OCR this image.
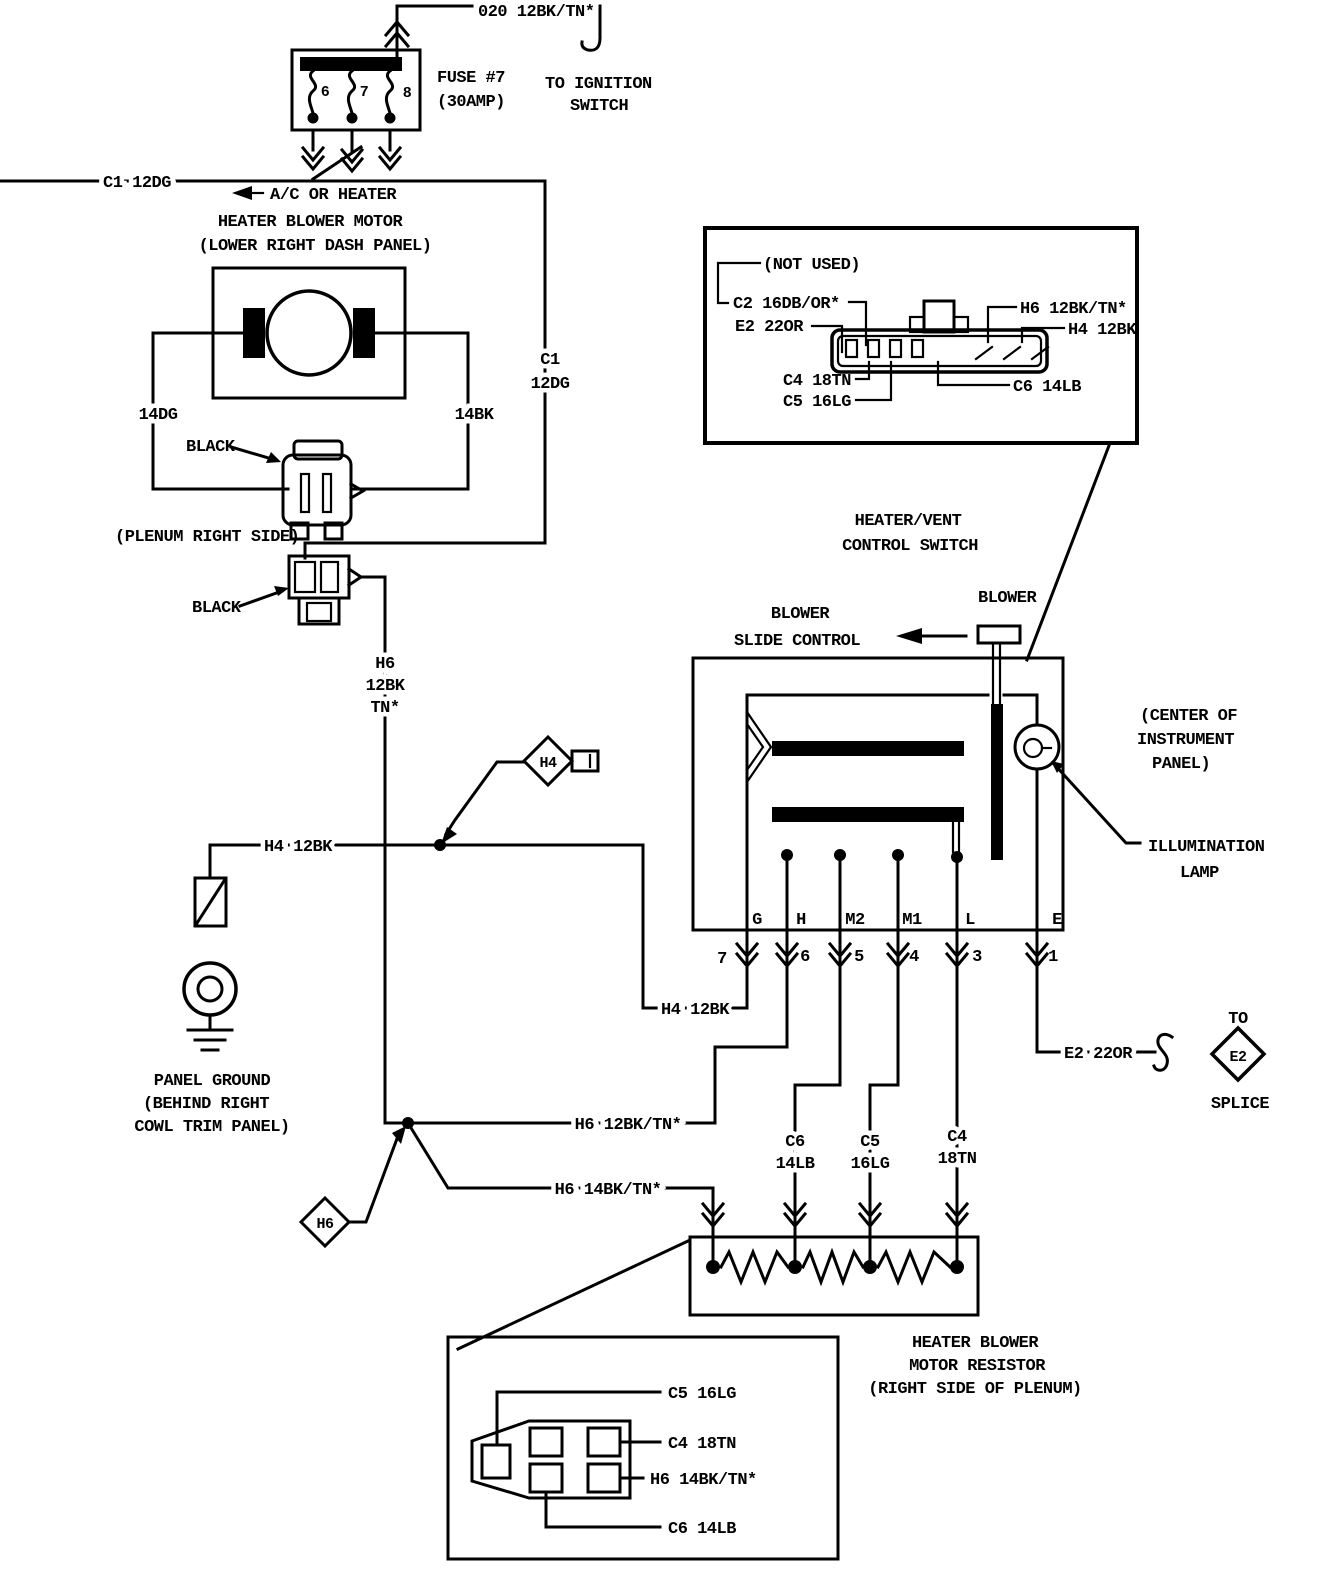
6 7 8
020 12BK/TN*
FUSE #7
(30AMP)
TO IGNITION
SWITCH
C1 12DG
A/C OR HEATER
C1
12DG
HEATER BLOWER MOTOR
(LOWER RIGHT DASH PANEL)
14DG	14BK
BLACK
(PLENUM RIGHT SIDE)
BLACK
H6
12BK
TN*
(NOT USED)
C2 16DB/OR*
E2 22OR
C4 18TN
C5 16LG
C6 14LB
H6 12BK/TN*
H4 12BK
HEATER/VENT
CONTROL SWITCH
BLOWER
BLOWER
SLIDE CONTROL
(CENTER OF
INSTRUMENT
PANEL)
ILLUMINATION
LAMP
G H M2 M1	L	E
7	6	5	4	3	1
H4 12BK
H4 12BK
H4
PANEL GROUND
(BEHIND RIGHT
COWL TRIM PANEL)	H6 12BK/TN*
H6 14BK/TN*
H6
C6
14LB
C5
16LG
C4
18TN
E2 22OR	E2
TO
SPLICE
HEATER BLOWER
MOTOR RESISTOR
(RIGHT SIDE OF PLENUM)
C5 16LG
C4 18TN
H6 14BK/TN*
C6 14LB
